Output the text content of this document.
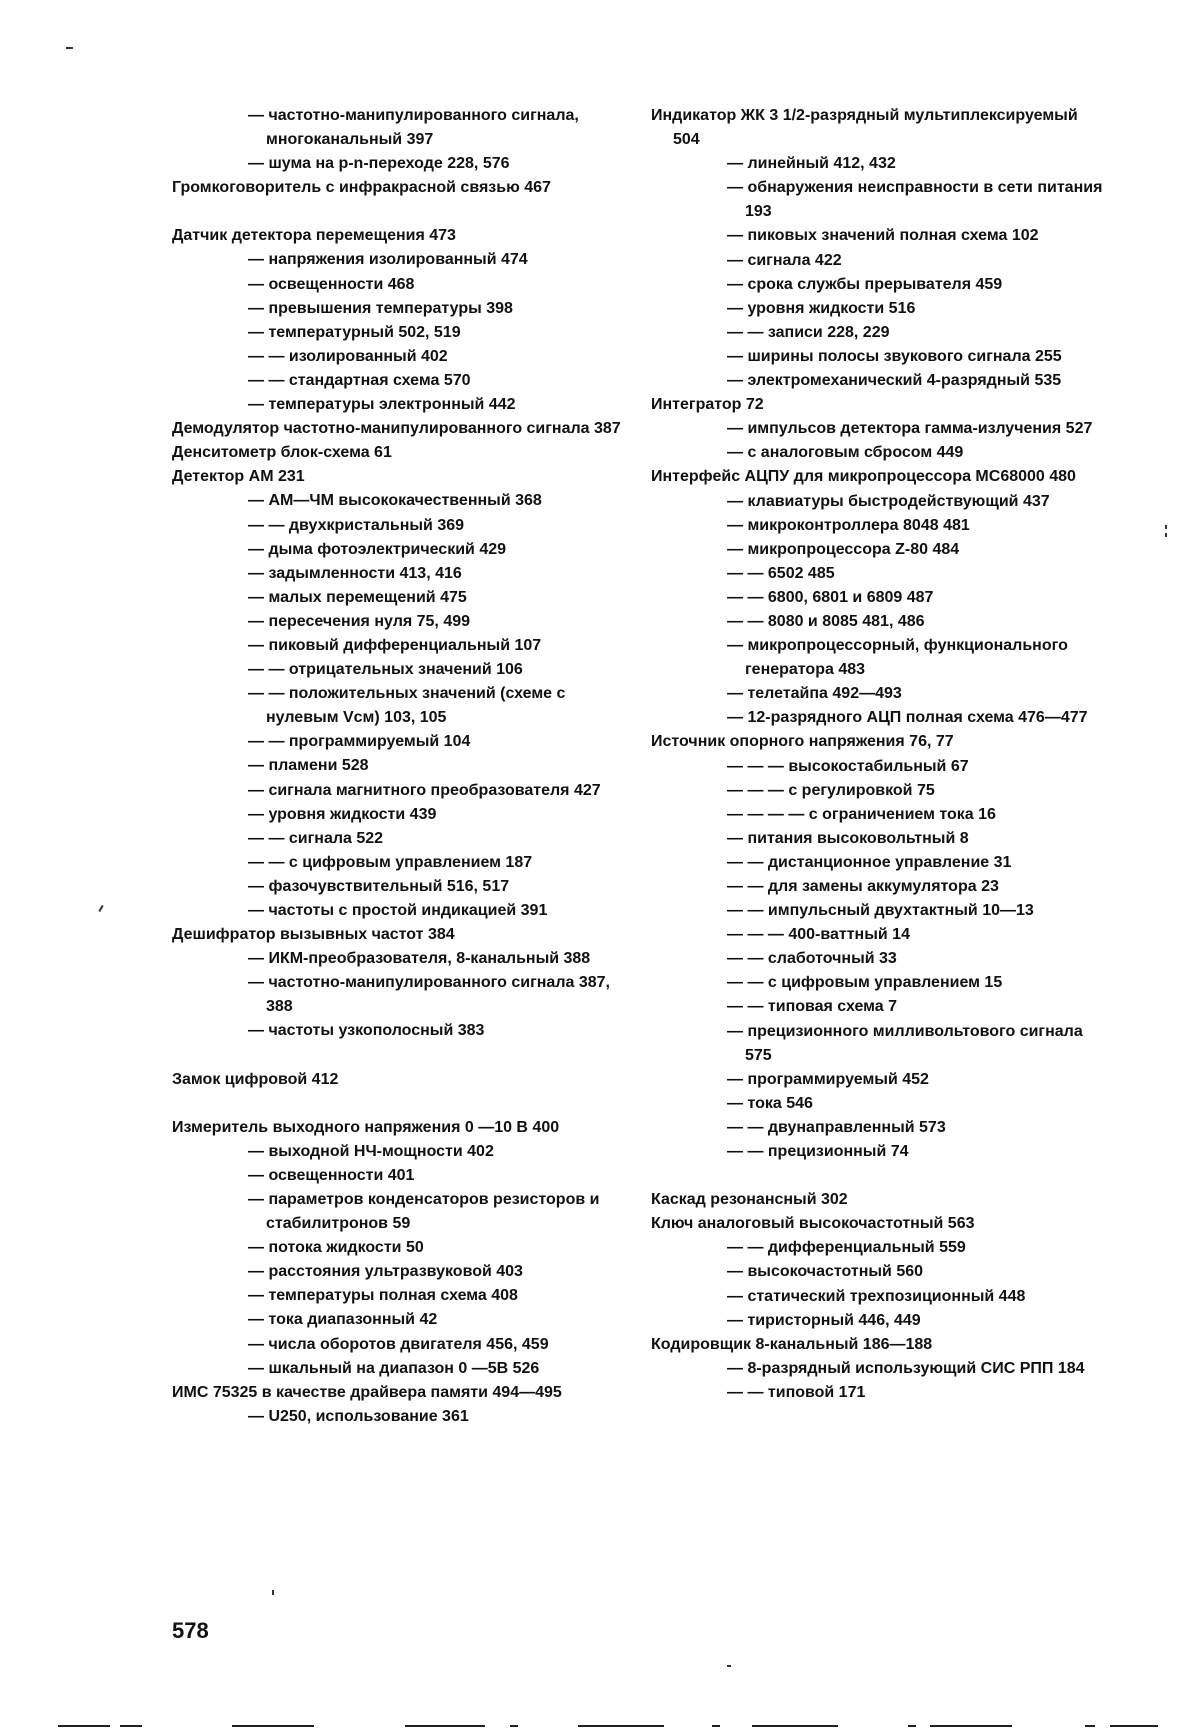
— частотно-манипулированного сигнала, многоканальный 397
— шума на p-n-переходе 228, 576
Громкоговоритель с инфракрасной связью 467
Датчик детектора перемещения 473
— напряжения изолированный 474
— освещенности 468
— превышения температуры 398
— температурный 502, 519
— — изолированный 402
— — стандартная схема 570
— температуры электронный 442
Демодулятор частотно-манипулированного сигнала 387
Денситометр блок-схема 61
Детектор АМ 231
— АМ—ЧМ высококачественный 368
— — двухкристальный 369
— дыма фотоэлектрический 429
— задымленности 413, 416
— малых перемещений 475
— пересечения нуля 75, 499
— пиковый дифференциальный 107
— — отрицательных значений 106
— — положительных значений (схеме с нулевым Vсм) 103, 105
— — программируемый 104
— пламени 528
— сигнала магнитного преобразователя 427
— уровня жидкости 439
— — сигнала 522
— — с цифровым управлением 187
— фазочувствительный 516, 517
— частоты с простой индикацией 391
Дешифратор вызывных частот 384
— ИКМ-преобразователя, 8-канальный 388
— частотно-манипулированного сигнала 387, 388
— частоты узкополосный 383
Замок цифровой 412
Измеритель выходного напряжения 0 —10 В 400
— выходной НЧ-мощности 402
— освещенности 401
— параметров конденсаторов резисторов и стабилитронов 59
— потока жидкости 50
— расстояния ультразвуковой 403
— температуры полная схема 408
— тока диапазонный 42
— числа оборотов двигателя 456, 459
— шкальный на диапазон 0 —5В 526
ИМС 75325 в качестве драйвера памяти 494—495
— U250, использование 361
Индикатор ЖК 3 1/2-разрядный мультиплексируемый 504
— линейный 412, 432
— обнаружения неисправности в сети питания 193
— пиковых значений полная схема 102
— сигнала 422
— срока службы прерывателя 459
— уровня жидкости 516
— — записи 228, 229
— ширины полосы звукового сигнала 255
— электромеханический 4-разрядный 535
Интегратор 72
— импульсов детектора гамма-излучения 527
— с аналоговым сбросом 449
Интерфейс АЦПУ для микропроцессора МС68000 480
— клавиатуры быстродействующий 437
— микроконтроллера 8048 481
— микропроцессора Z-80 484
— — 6502 485
— — 6800, 6801 и 6809 487
— — 8080 и 8085 481, 486
— микропроцессорный, функционального генератора 483
— телетайпа 492—493
— 12-разрядного АЦП полная схема 476—477
Источник опорного напряжения 76, 77
— — — высокостабильный 67
— — — с регулировкой 75
— — — — с ограничением тока 16
— питания высоковольтный 8
— — дистанционное управление 31
— — для замены аккумулятора 23
— — импульсный двухтактный 10—13
— — — 400-ваттный 14
— — слаботочный 33
— — с цифровым управлением 15
— — типовая схема 7
— прецизионного милливольтового сигнала 575
— программируемый 452
— тока 546
— — двунаправленный 573
— — прецизионный 74
Каскад резонансный 302
Ключ аналоговый высокочастотный 563
— — дифференциальный 559
— высокочастотный 560
— статический трехпозиционный 448
— тиристорный 446, 449
Кодировщик 8-канальный 186—188
— 8-разрядный использующий СИС РПП 184
— — типовой 171
578
